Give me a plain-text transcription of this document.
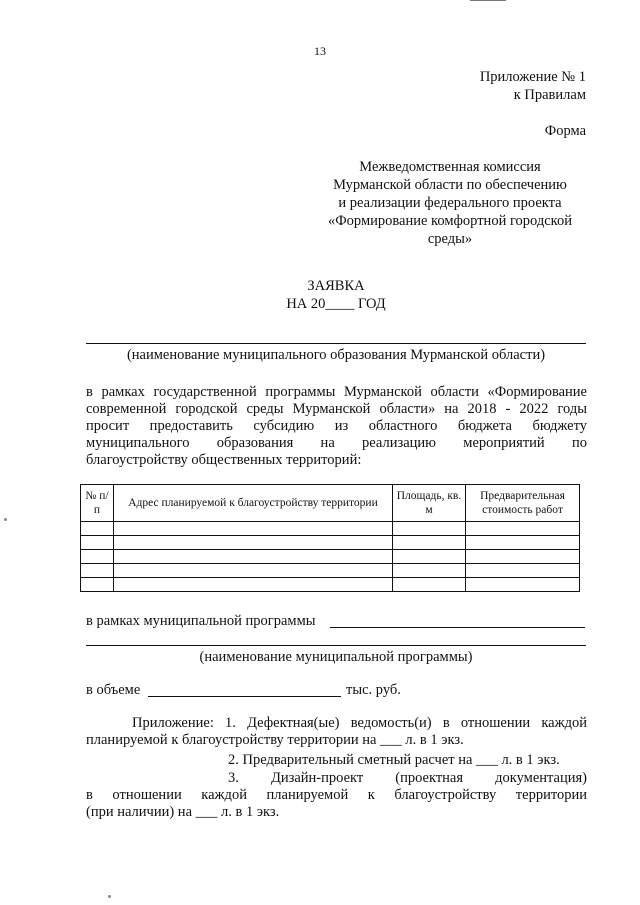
13
Приложение № 1
к Правилам
Форма
Межведомственная комиссия
Мурманской области по обеспечению
и реализации федерального проекта
«Формирование комфортной городской
среды»
ЗАЯВКА
НА 20____ ГОД
(наименование муниципального образования Мурманской области)
в рамках государственной программы Мурманской области «Формирование
современной городской среды Мурманской области» на 2018 - 2022 годы
просит предоставить субсидию из областного бюджета бюджету
муниципального образования на реализацию мероприятий по
благоустройству общественных территорий:
№ п/п	Адрес планируемой к благоустройству территории	Площадь, кв. м	Предварительная стоимость работ

в рамках муниципальной программы
(наименование муниципальной программы)
в объеме	тыс. руб.
Приложение: 1. Дефектная(ые) ведомость(и) в отношении каждой
планируемой к благоустройству территории на ___ л. в 1 экз.
2. Предварительный сметный расчет на ___ л. в 1 экз.
3. Дизайн-проект (проектная документация)
в отношении каждой планируемой к благоустройству территории
(при наличии) на ___ л. в 1 экз.
